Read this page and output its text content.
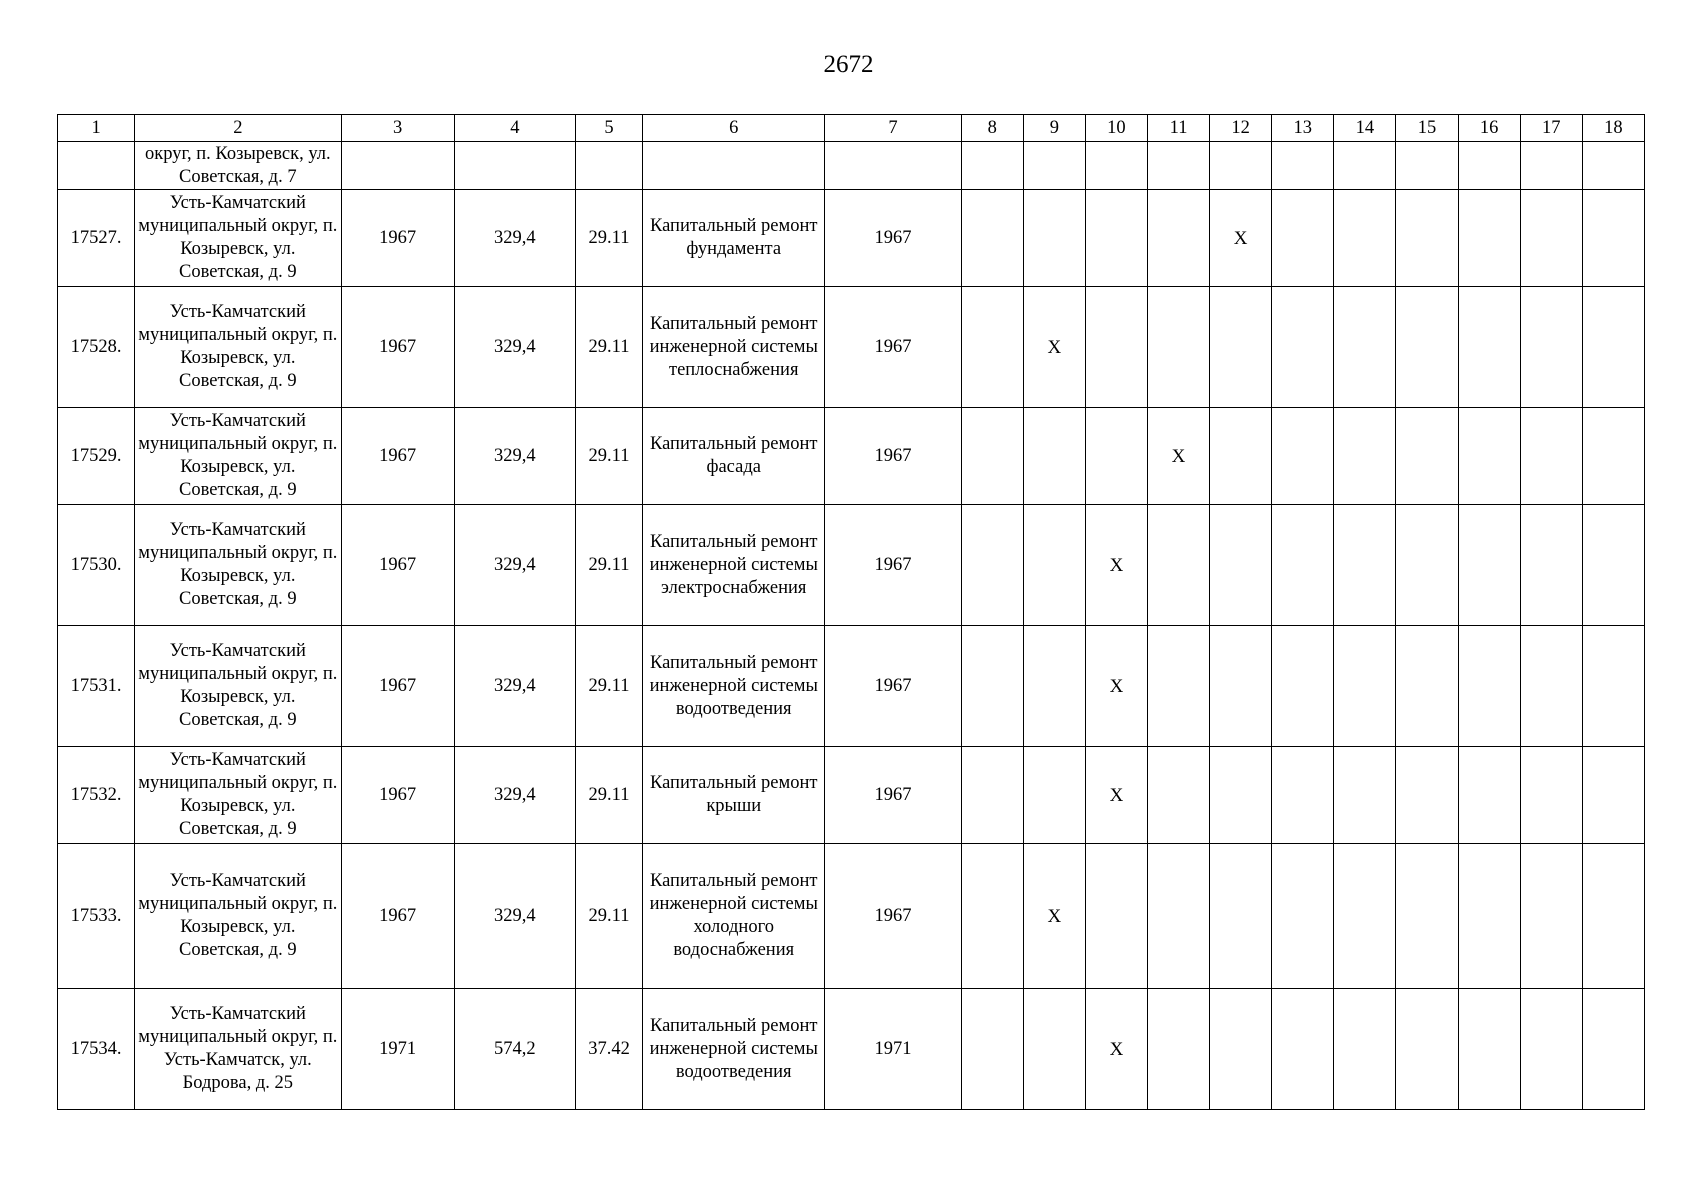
2672
1	2	3	4	5	6	7	8	9	10	11	12	13	14	15	16	17	18
	округ, п. Козыревск, ул. Советская, д. 7																
17527.	Усть-Камчатский муниципальный округ, п. Козыревск, ул. Советская, д. 9	1967	329,4	29.11	Капитальный ремонт фундамента	1967					X						
17528.	Усть-Камчатский муниципальный округ, п. Козыревск, ул. Советская, д. 9	1967	329,4	29.11	Капитальный ремонт инженерной системы теплоснабжения	1967		X									
17529.	Усть-Камчатский муниципальный округ, п. Козыревск, ул. Советская, д. 9	1967	329,4	29.11	Капитальный ремонт фасада	1967				X							
17530.	Усть-Камчатский муниципальный округ, п. Козыревск, ул. Советская, д. 9	1967	329,4	29.11	Капитальный ремонт инженерной системы электроснабжения	1967			X								
17531.	Усть-Камчатский муниципальный округ, п. Козыревск, ул. Советская, д. 9	1967	329,4	29.11	Капитальный ремонт инженерной системы водоотведения	1967			X								
17532.	Усть-Камчатский муниципальный округ, п. Козыревск, ул. Советская, д. 9	1967	329,4	29.11	Капитальный ремонт крыши	1967			X								
17533.	Усть-Камчатский муниципальный округ, п. Козыревск, ул. Советская, д. 9	1967	329,4	29.11	Капитальный ремонт инженерной системы холодного водоснабжения	1967		X									
17534.	Усть-Камчатский муниципальный округ, п. Усть-Камчатск, ул. Бодрова, д. 25	1971	574,2	37.42	Капитальный ремонт инженерной системы водоотведения	1971			X								
